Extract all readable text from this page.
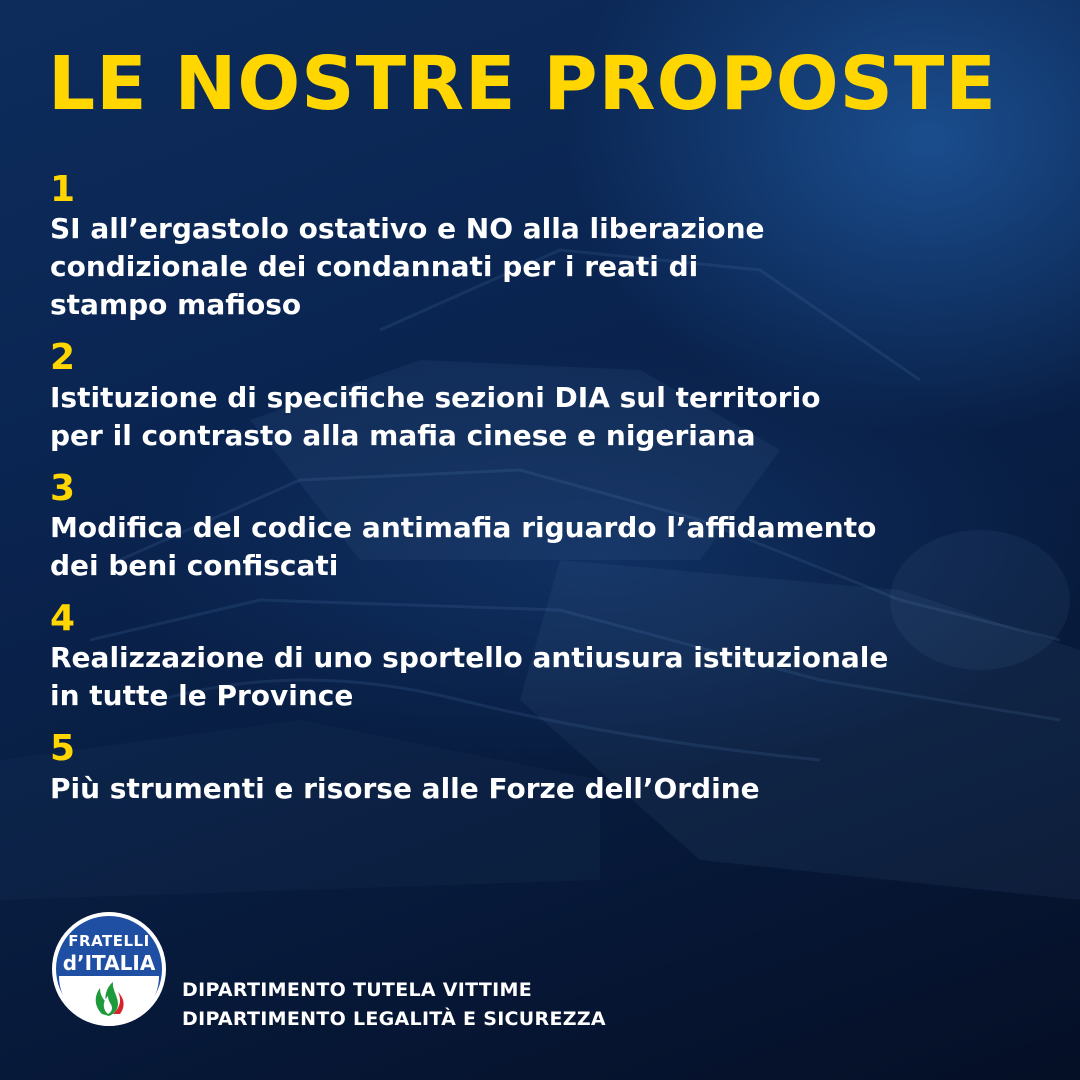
LE NOSTRE PROPOSTE
1
SI all’ergastolo ostativo e NO alla liberazione
condizionale dei condannati per i reati di
stampo mafioso
2
Istituzione di specifiche sezioni DIA sul territorio
per il contrasto alla mafia cinese e nigeriana
3
Modifica del codice antimafia riguardo l’affidamento
dei beni confiscati
4
Realizzazione di uno sportello antiusura istituzionale
in tutte le Province
5
Più strumenti e risorse alle Forze dell’Ordine
FRATELLI
d’ITALIA
DIPARTIMENTO TUTELA VITTIME
DIPARTIMENTO LEGALITÀ E SICUREZZA
